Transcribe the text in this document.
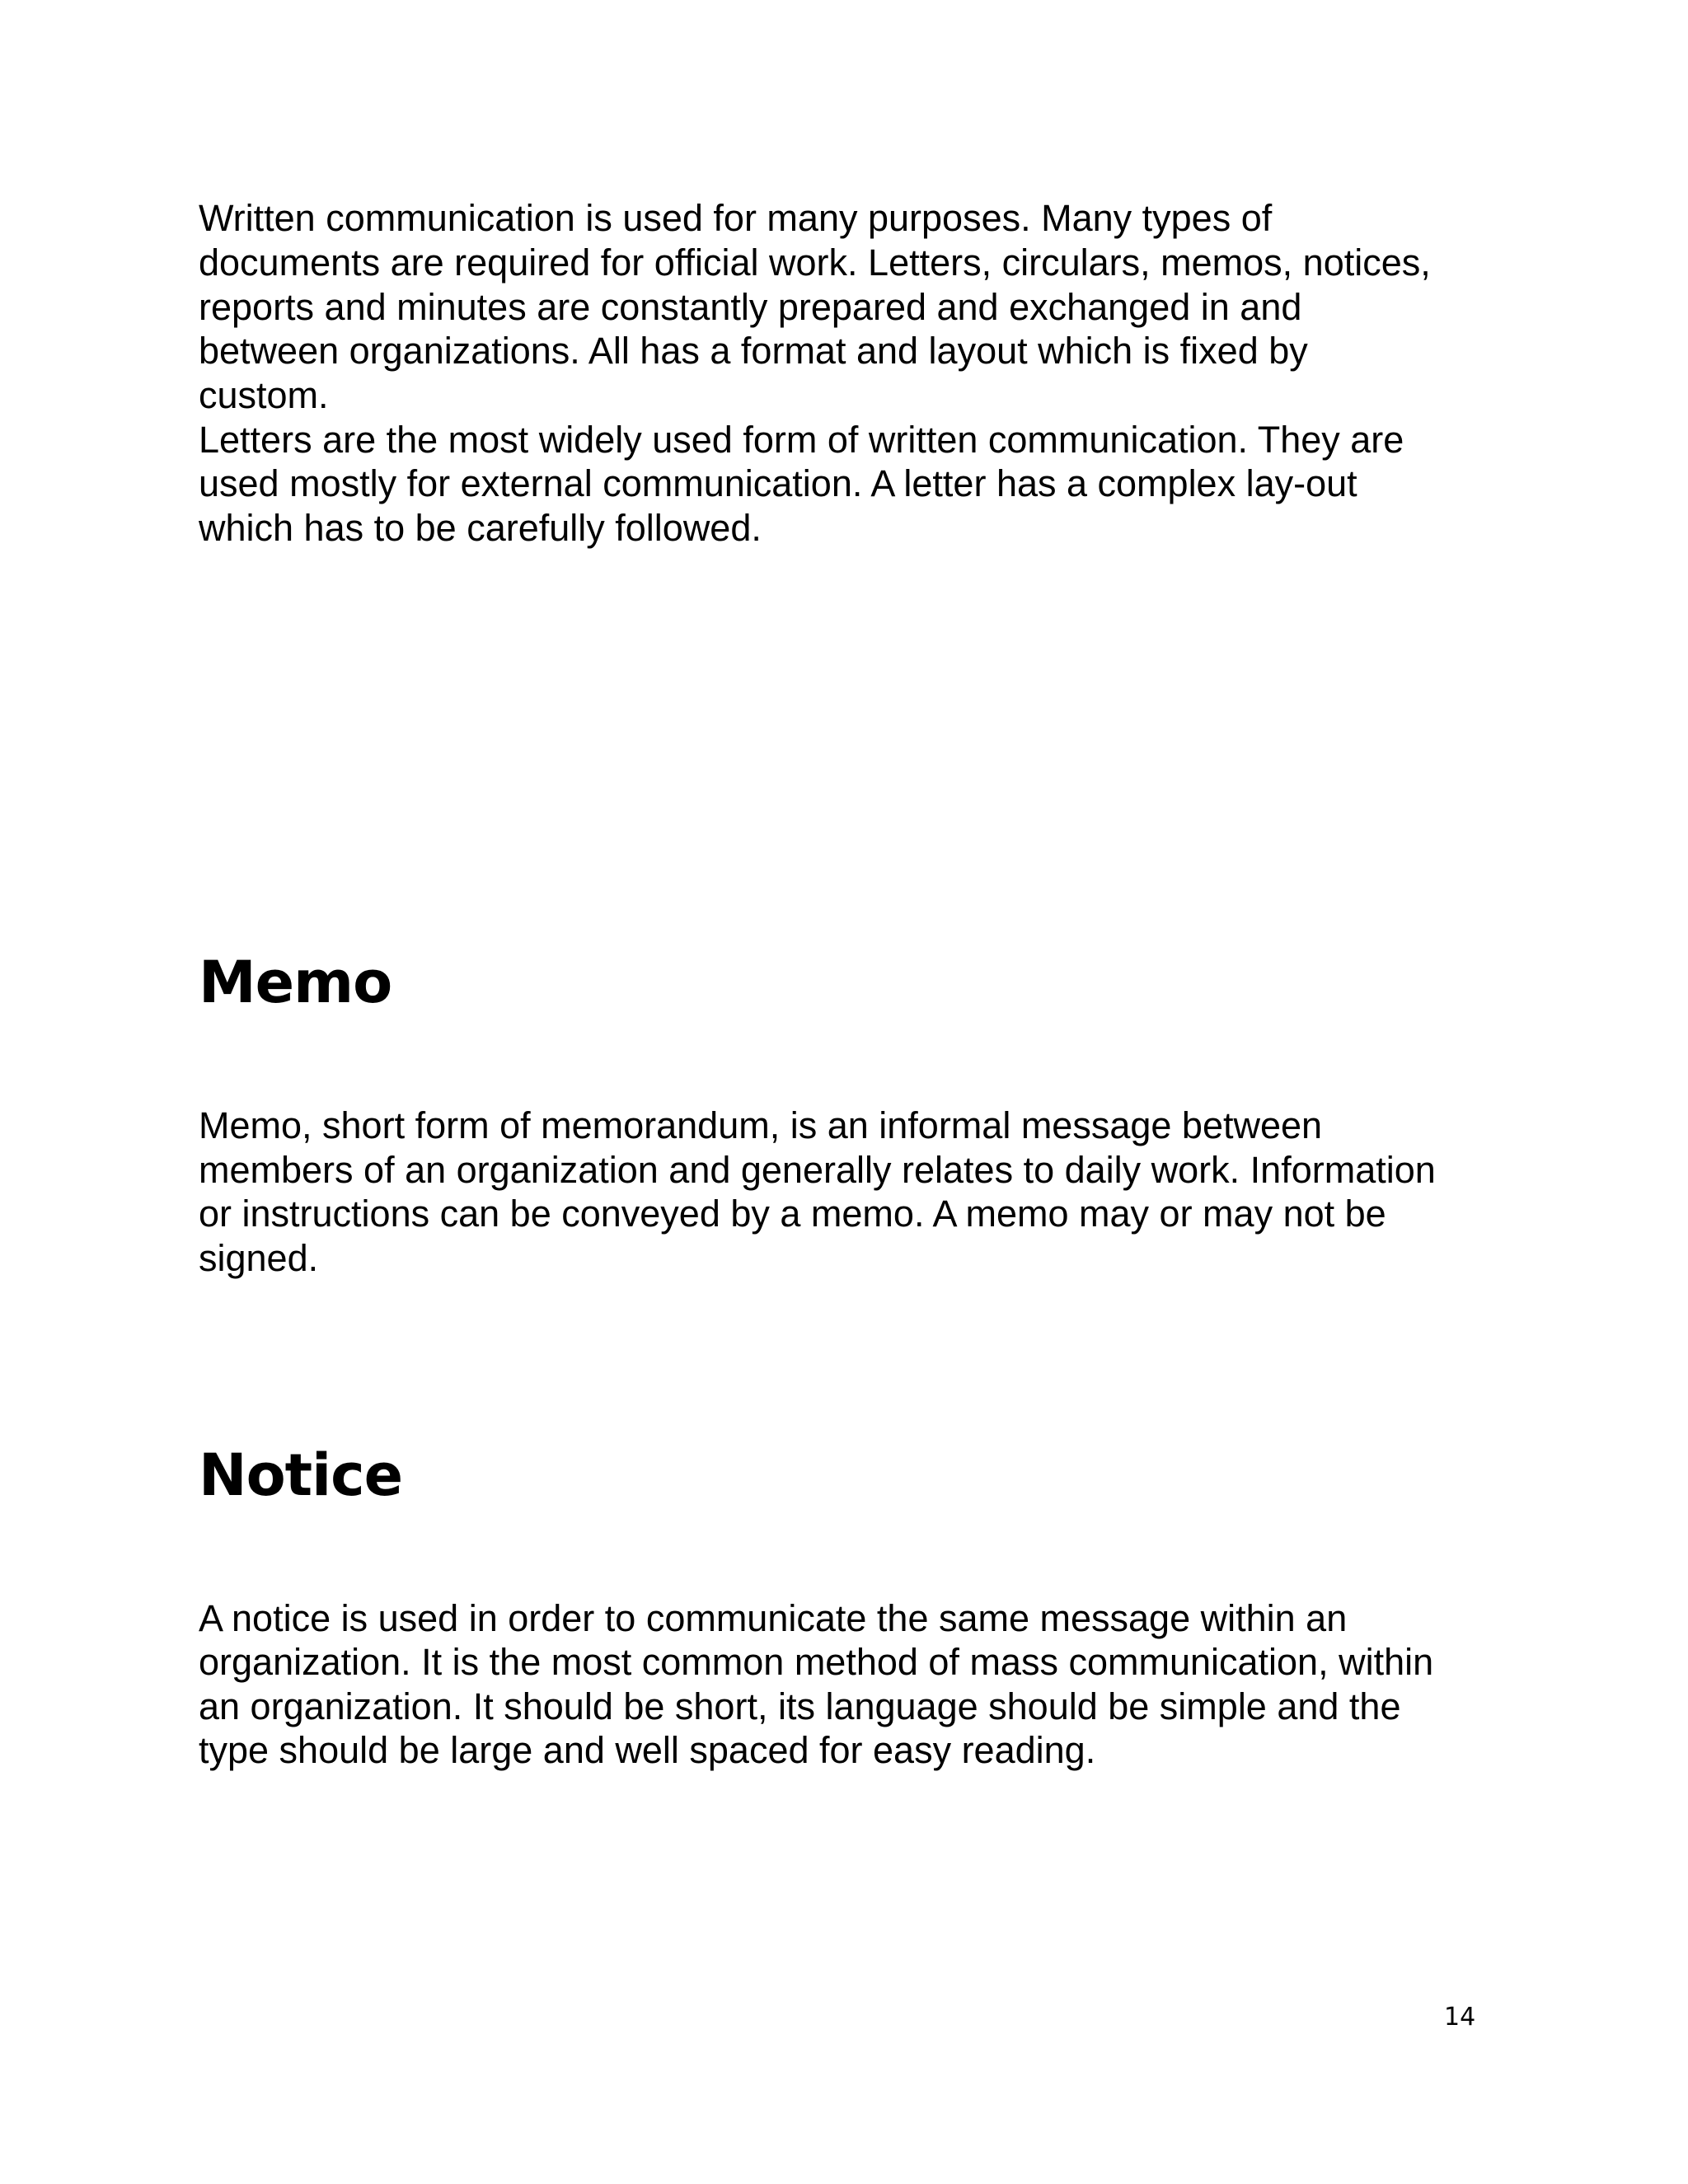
Written communication is used for many purposes. Many types of

documents are required for official work. Letters, circulars, memos, notices,

reports and minutes are constantly prepared and exchanged in and

between organizations. All has a format and layout which is fixed by

custom.

Letters are the most widely used form of written communication. They are

used mostly for external communication. A letter has a complex lay-out

which has to be carefully followed.

Memo

Memo, short form of memorandum, is an informal message between

members of an organization and generally relates to daily work. Information

or instructions can be conveyed by a memo. A memo may or may not be

signed.

Notice

A notice is used in order to communicate the same message within an

organization. It is the most common method of mass communication, within

an organization. It should be short, its language should be simple and the

type should be large and well spaced for easy reading.

14
